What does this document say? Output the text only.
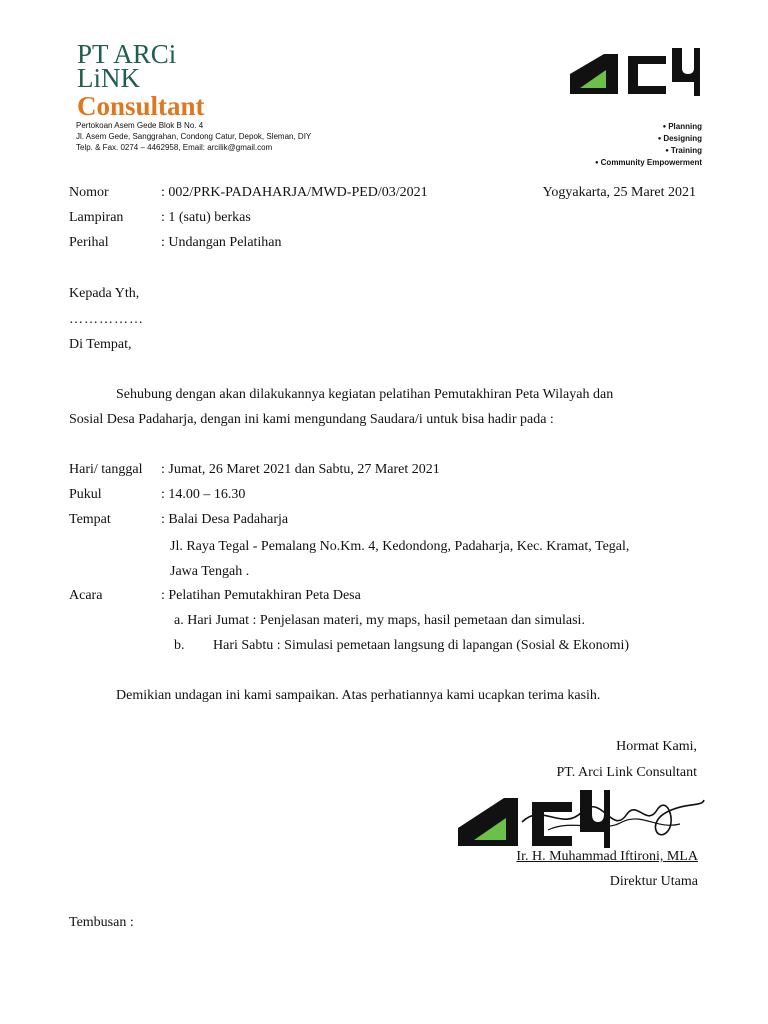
PT ARCi
LiNK
Consultant
Pertokoan Asem Gede Blok B No. 4
Jl. Asem Gede, Sanggrahan, Condong Catur, Depok, Sleman, DIY
Telp. & Fax. 0274 – 4462958, Email: arcilik@gmail.com
● Planning
● Designing
● Training
● Community Empowerment
Nomor	: 002/PRK-PADAHARJA/MWD-PED/03/2021	Yogyakarta, 25 Maret 2021
Lampiran	: 1 (satu) berkas
Perihal	: Undangan Pelatihan
Kepada Yth,
……………
Di Tempat,
Sehubung dengan akan dilakukannya kegiatan pelatihan Pemutakhiran Peta Wilayah dan
Sosial Desa Padaharja, dengan ini kami mengundang Saudara/i untuk bisa hadir pada :
Hari/ tanggal : Jumat, 26 Maret 2021 dan Sabtu, 27 Maret 2021
Pukul	: 14.00 – 16.30
Tempat	: Balai Desa Padaharja
Jl. Raya Tegal - Pemalang No.Km. 4, Kedondong, Padaharja, Kec. Kramat, Tegal,
Jawa Tengah .
Acara	: Pelatihan Pemutakhiran Peta Desa
a. Hari Jumat : Penjelasan materi, my maps, hasil pemetaan dan simulasi.
b. Hari Sabtu : Simulasi pemetaan langsung di lapangan (Sosial & Ekonomi)
Demikian undagan ini kami sampaikan. Atas perhatiannya kami ucapkan terima kasih.
Hormat Kami,
PT. Arci Link Consultant
Ir. H. Muhammad Iftironi, MLA
Direktur Utama
Tembusan :
